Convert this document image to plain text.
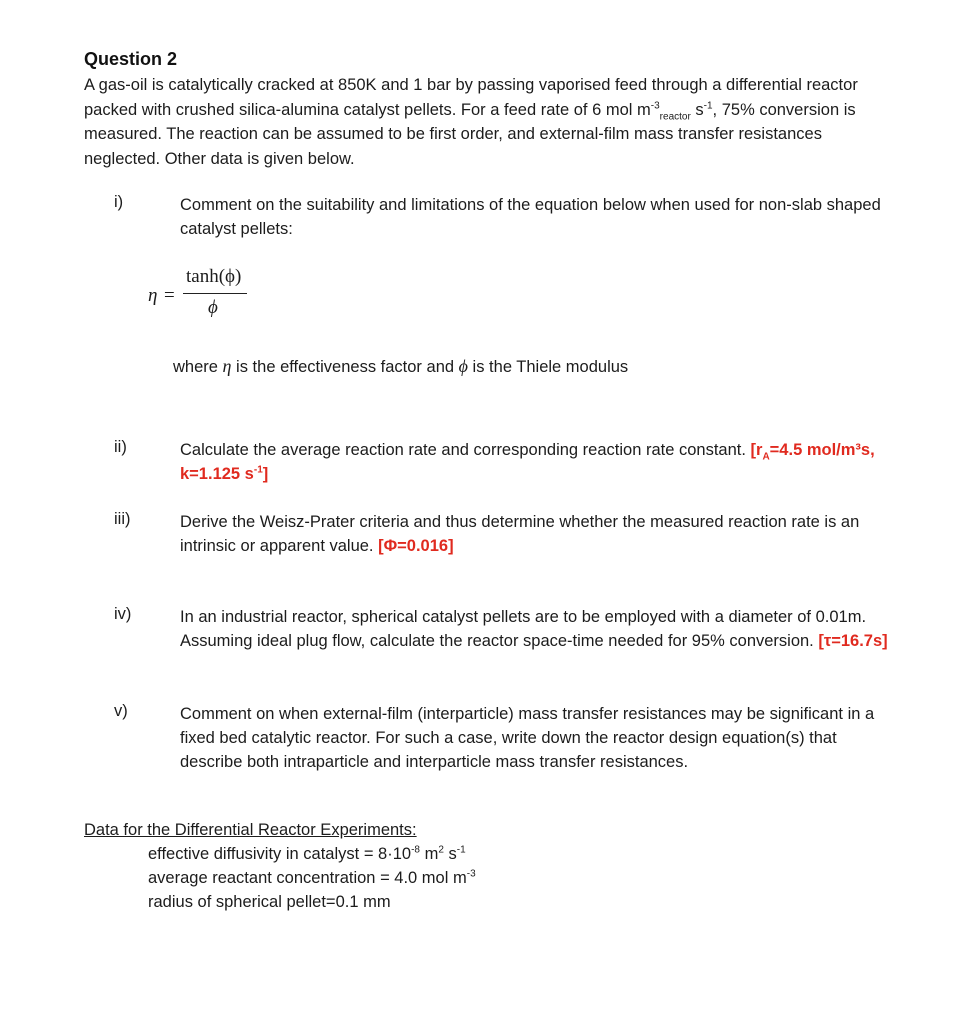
Question 2
A gas-oil is catalytically cracked at 850K and 1 bar by passing vaporised feed through a differential reactor packed with crushed silica-alumina catalyst pellets. For a feed rate of 6 mol $m^{-3}_{reactor}$ $s^{-1}$, 75% conversion is measured. The reaction can be assumed to be first order, and external-film mass transfer resistances neglected. Other data is given below.
i)	Comment on the suitability and limitations of the equation below when used for non-slab shaped catalyst pellets:
η =
tanh(ϕ)
ϕ
where η is the effectiveness factor and ϕ is the Thiele modulus
ii)	Calculate the average reaction rate and corresponding reaction rate constant. [$r_A=4.5$ mol/m³s, k=1.125 $s^{-1}$]
iii)	Derive the Weisz-Prater criteria and thus determine whether the measured reaction rate is an intrinsic or apparent value. [Φ=0.016]
iv)	In an industrial reactor, spherical catalyst pellets are to be employed with a diameter of 0.01m. Assuming ideal plug flow, calculate the reactor space-time needed for 95% conversion. [τ=16.7s]
v)	Comment on when external-film (interparticle) mass transfer resistances may be significant in a fixed bed catalytic reactor. For such a case, write down the reactor design equation(s) that describe both intraparticle and interparticle mass transfer resistances.
Data for the Differential Reactor Experiments:
effective diffusivity in catalyst = $8\cdot 10^{-8}$ $m^2$ $s^{-1}$
average reactant concentration = 4.0 mol $m^{-3}$
radius of spherical pellet=0.1 mm
